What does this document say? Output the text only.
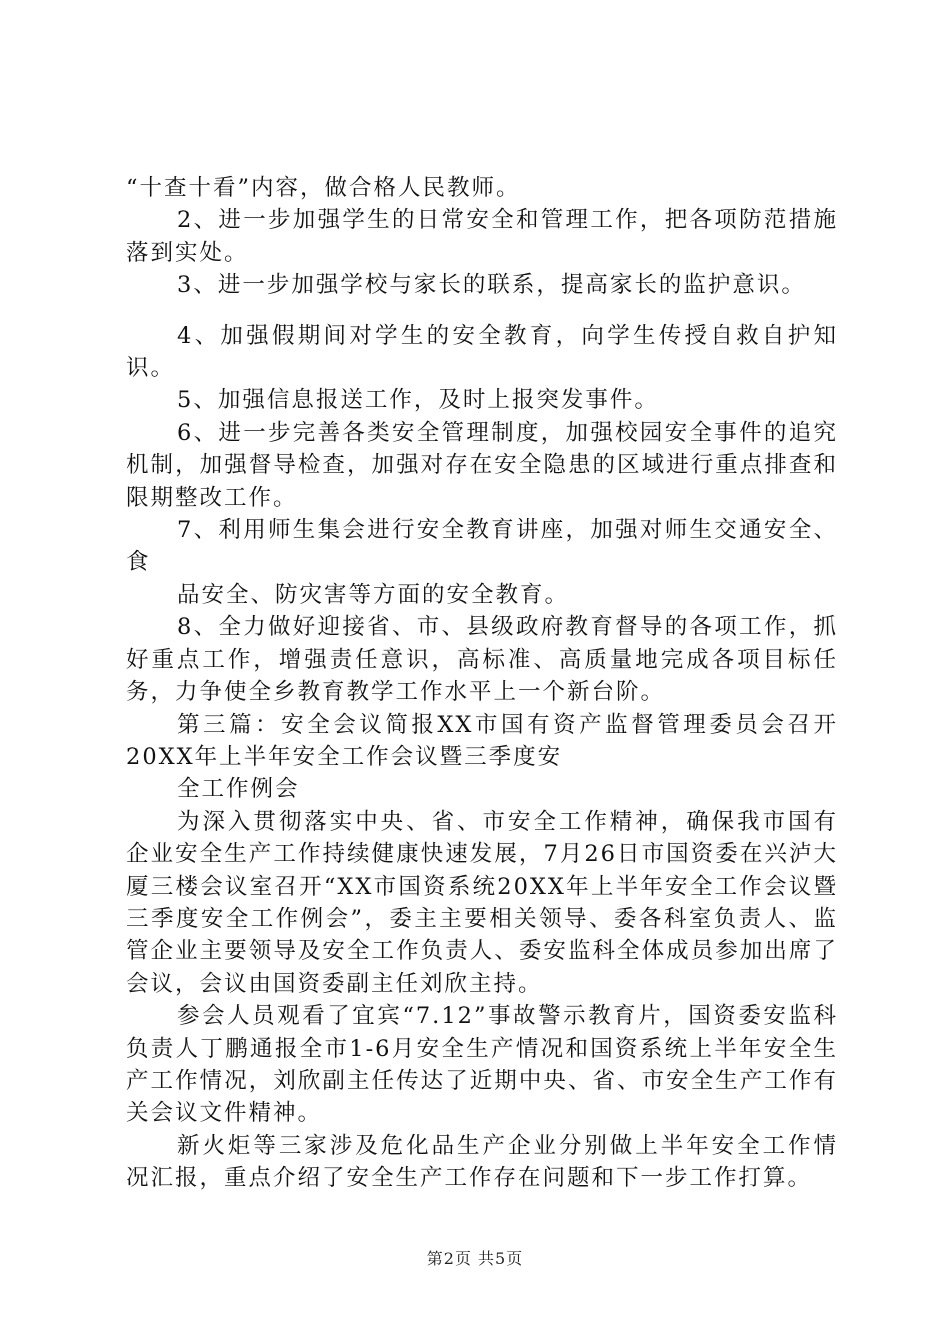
“十查十看”内容，做合格人民教师。

2、进一步加强学生的日常安全和管理工作，把各项防范措施落到实处。

3、进一步加强学校与家长的联系，提高家长的监护意识。

4、加强假期间对学生的安全教育，向学生传授自救自护知识。

5、加强信息报送工作，及时上报突发事件。

6、进一步完善各类安全管理制度，加强校园安全事件的追究机制，加强督导检查，加强对存在安全隐患的区域进行重点排查和限期整改工作。

7、利用师生集会进行安全教育讲座，加强对师生交通安全、食

品安全、防灾害等方面的安全教育。

8、全力做好迎接省、市、县级政府教育督导的各项工作，抓好重点工作，增强责任意识，高标准、高质量地完成各项目标任务，力争使全乡教育教学工作水平上一个新台阶。

第三篇：安全会议简报XX市国有资产监督管理委员会召开20XX年上半年安全工作会议暨三季度安

全工作例会

为深入贯彻落实中央、省、市安全工作精神，确保我市国有企业安全生产工作持续健康快速发展，7月26日市国资委在兴泸大厦三楼会议室召开“XX市国资系统20XX年上半年安全工作会议暨三季度安全工作例会”，委主主要相关领导、委各科室负责人、监管企业主要领导及安全工作负责人、委安监科全体成员参加出席了会议，会议由国资委副主任刘欣主持。

参会人员观看了宜宾“7.12”事故警示教育片，国资委安监科负责人丁鹏通报全市1-6月安全生产情况和国资系统上半年安全生产工作情况，刘欣副主任传达了近期中央、省、市安全生产工作有关会议文件精神。

新火炬等三家涉及危化品生产企业分别做上半年安全工作情况汇报，重点介绍了安全生产工作存在问题和下一步工作打算。

第2页 共5页
